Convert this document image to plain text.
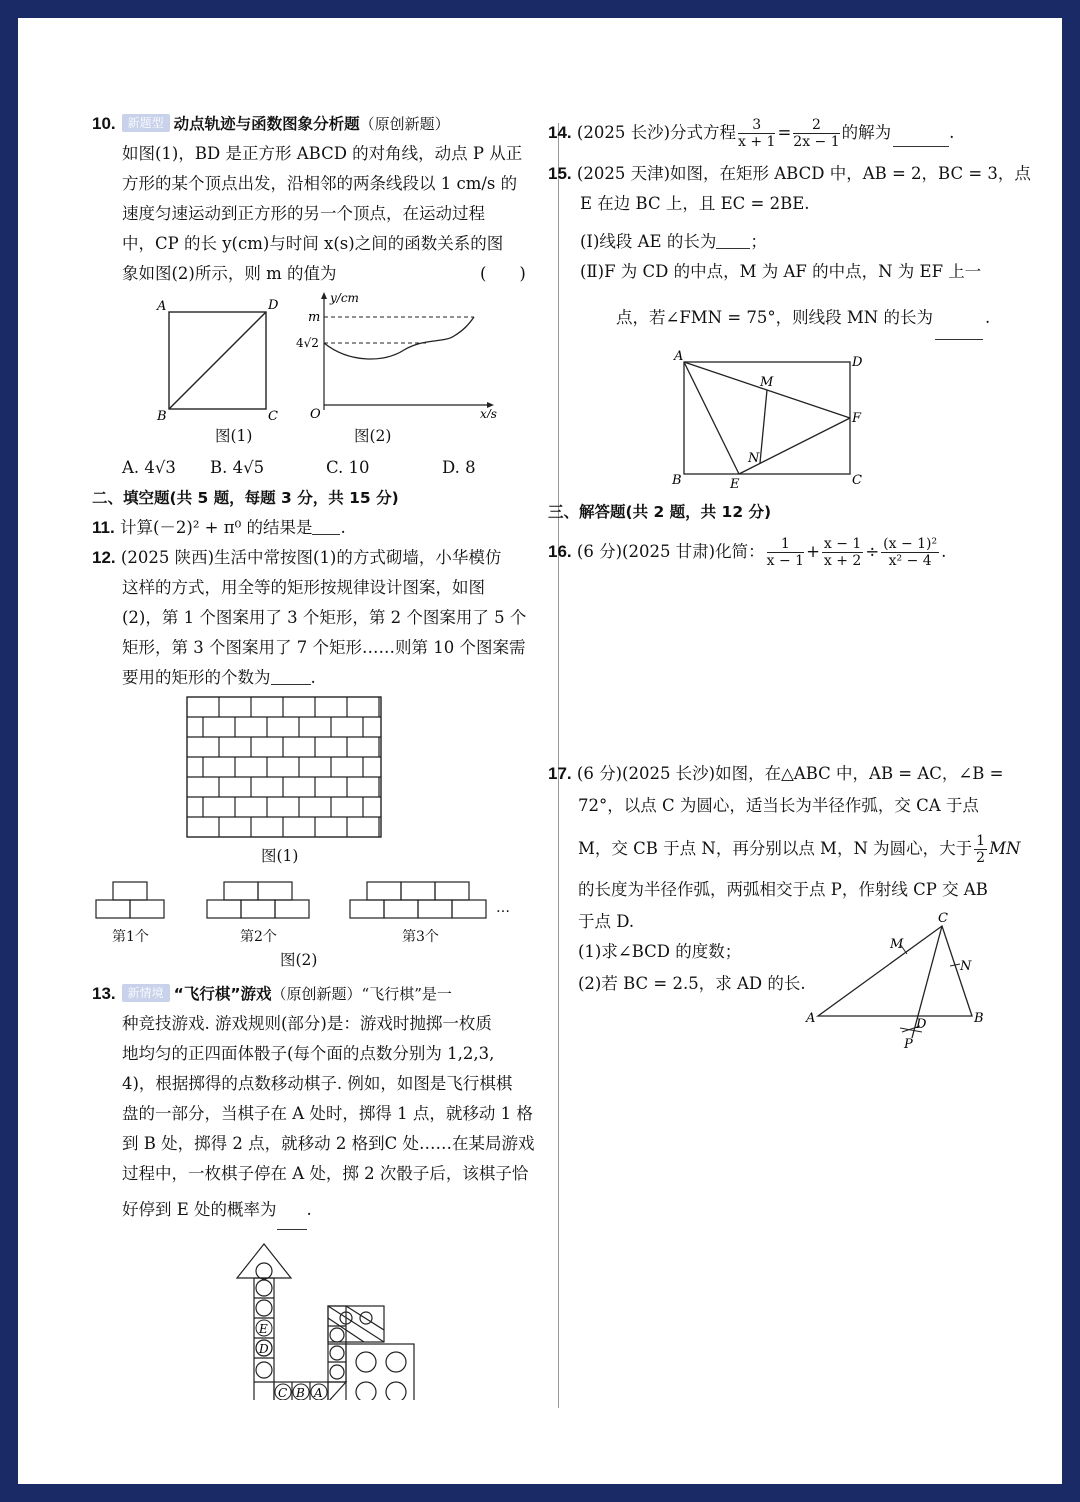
10. 新题型 动点轨迹与函数图象分析题（原创新题）
如图(1)，BD 是正方形 ABCD 的对角线，动点 P 从正
方形的某个顶点出发，沿相邻的两条线段以 1 cm/s 的
速度匀速运动到正方形的另一个顶点，在运动过程
中，CP 的长 y(cm)与时间 x(s)之间的函数关系的图
象如图(2)所示，则 m 的值为	(　　)
A	D
B	C
图(1)
y/cm
m
4√2
O	x/s
图(2)
A. 4√3 B. 4√5	C. 10	D. 8
二、填空题(共 5 题，每题 3 分，共 15 分)
11. 计算(－2)² + π⁰ 的结果是 .
12. (2025 陕西)生活中常按图(1)的方式砌墙，小华模仿
这样的方式，用全等的矩形按规律设计图案，如图
(2)，第 1 个图案用了 3 个矩形，第 2 个图案用了 5 个
矩形，第 3 个图案用了 7 个矩形……则第 10 个图案需
要用的矩形的个数为 .
图(1)
…
第1个	第2个	第3个
图(2)
13. 新情境 “飞行棋”游戏（原创新题）“飞行棋”是一
种竞技游戏. 游戏规则(部分)是：游戏时抛掷一枚质
地均匀的正四面体骰子(每个面的点数分别为 1,2,3,
4)，根据掷得的点数移动棋子. 例如，如图是飞行棋棋
盘的一部分，当棋子在 A 处时，掷得 1 点，就移动 1 格
到 B 处，掷得 2 点，就移动 2 格到C 处……在某局游戏
过程中，一枚棋子停在 A 处，掷 2 次骰子后，该棋子恰
好停到 E 处的概率为 .
E
D
C B A
14. (2025 长沙)分式方程 $\frac{3}{x + 1} = \frac{2}{2x - 1}$ 的解为	.
15. (2025 天津)如图，在矩形 ABCD 中，AB = 2，BC = 3，点
E 在边 BC 上，且 EC = 2BE.
(Ⅰ)线段 AE 的长为 ；
(Ⅱ)F 为 CD 的中点，M 为 AF 的中点，N 为 EF 上一
点，若∠FMN = 75°，则线段 MN 的长为	.
A	D
B	C
E
F
M
N
三、解答题(共 2 题，共 12 分)
16. (6 分)(2025 甘肃)化简： $\frac{1}{x - 1} + \frac{x - 1}{x + 2} \div \frac{\text{(x − 1)²}}{\text{x² − 4}}$ .
17. (6 分)(2025 长沙)如图，在△ABC 中，AB = AC，∠B =
72°，以点 C 为圆心，适当长为半径作弧，交 CA 于点
M，交 CB 于点 N，再分别以点 M，N 为圆心，大于 $\frac{1}{2}$ MN
的长度为半径作弧，两弧相交于点 P，作射线 CP 交 AB
于点 D.
(1)求∠BCD 的度数；
(2)若 BC = 2.5，求 AD 的长.
A	B
C
D
M
N
P
